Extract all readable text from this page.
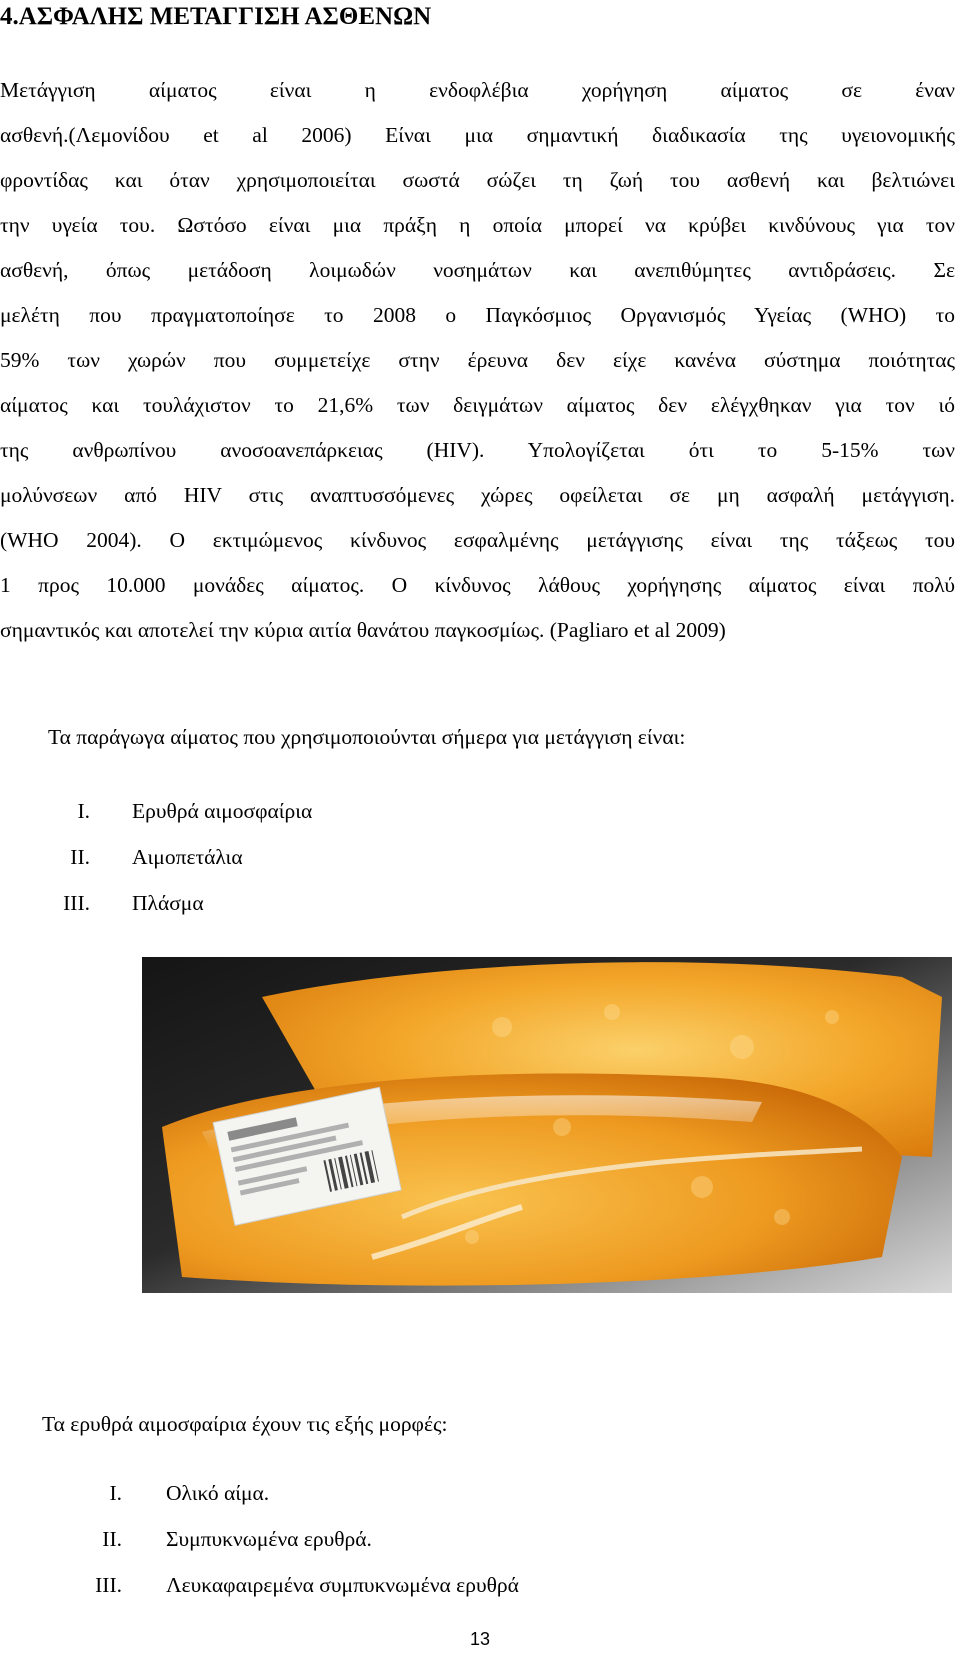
4.ΑΣΦΑΛΗΣ ΜΕΤΑΓΓΙΣΗ ΑΣΘΕΝΩΝ
Μετάγγιση αίματος είναι η ενδοφλέβια χορήγηση αίματος σε έναν
ασθενή.(Λεμονίδου et al 2006) Είναι μια σημαντική διαδικασία της υγειονομικής
φροντίδας και όταν χρησιμοποιείται σωστά σώζει τη ζωή του ασθενή και βελτιώνει
την υγεία του. Ωστόσο είναι μια πράξη η οποία μπορεί να κρύβει κινδύνους για τον
ασθενή, όπως μετάδοση λοιμωδών νοσημάτων και ανεπιθύμητες αντιδράσεις. Σε
μελέτη που πραγματοποίησε το 2008 ο Παγκόσμιος Οργανισμός Υγείας (WHO) το
59% των χωρών που συμμετείχε στην έρευνα δεν είχε κανένα σύστημα ποιότητας
αίματος και τουλάχιστον το 21,6% των δειγμάτων αίματος δεν ελέγχθηκαν για τον ιό
της ανθρωπίνου ανοσοανεπάρκειας (HIV). Υπολογίζεται ότι το 5-15% των
μολύνσεων από HIV στις αναπτυσσόμενες χώρες οφείλεται σε μη ασφαλή μετάγγιση.
(WHO 2004). Ο εκτιμώμενος κίνδυνος εσφαλμένης μετάγγισης είναι της τάξεως του
1 προς 10.000 μονάδες αίματος. Ο κίνδυνος λάθους χορήγησης αίματος είναι πολύ
σημαντικός και αποτελεί την κύρια αιτία θανάτου παγκοσμίως. (Pagliaro et al 2009)
Τα παράγωγα αίματος που χρησιμοποιούνται σήμερα για μετάγγιση είναι:
I. Ερυθρά αιμοσφαίρια
II. Αιμοπετάλια
III. Πλάσμα
Τα ερυθρά αιμοσφαίρια έχουν τις εξής μορφές:
I. Ολικό αίμα.
II. Συμπυκνωμένα ερυθρά.
III. Λευκαφαιρεμένα συμπυκνωμένα ερυθρά
13
